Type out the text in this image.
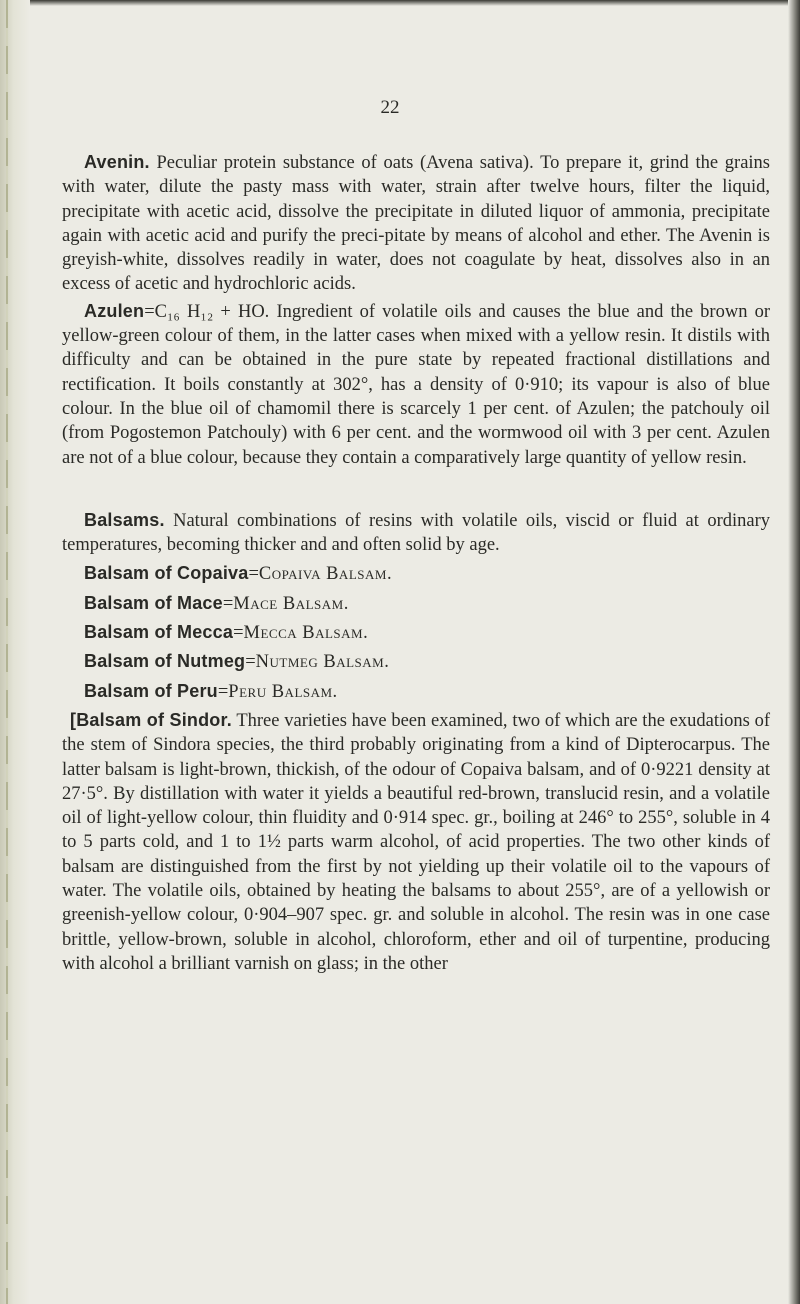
22

Avenin. Peculiar protein substance of oats (Avena sativa). To prepare it, grind the grains with water, dilute the pasty mass with water, strain after twelve hours, filter the liquid, precipitate with acetic acid, dissolve the precipitate in diluted liquor of ammonia, precipitate again with acetic acid and purify the preci-pitate by means of alcohol and ether. The Avenin is greyish-white, dissolves readily in water, does not coagulate by heat, dissolves also in an excess of acetic and hydrochloric acids.

Azulen=C₁₆ H₁₂ + HO. Ingredient of volatile oils and causes the blue and the brown or yellow-green colour of them, in the latter cases when mixed with a yellow resin. It distils with difficulty and can be obtained in the pure state by repeated fractional distillations and rectification. It boils constantly at 302°, has a density of 0·910; its vapour is also of blue colour. In the blue oil of chamomil there is scarcely 1 per cent. of Azulen; the patchouly oil (from Pogostemon Patchouly) with 6 per cent. and the wormwood oil with 3 per cent. Azulen are not of a blue colour, because they contain a comparatively large quantity of yellow resin.

Balsams. Natural combinations of resins with volatile oils, viscid or fluid at ordinary temperatures, becoming thicker and and often solid by age.

Balsam of Copaiva=Copaiva Balsam.

Balsam of Mace=Mace Balsam.

Balsam of Mecca=Mecca Balsam.

Balsam of Nutmeg=Nutmeg Balsam.

Balsam of Peru=Peru Balsam.

[Balsam of Sindor. Three varieties have been examined, two of which are the exudations of the stem of Sindora species, the third probably originating from a kind of Dipterocarpus. The latter balsam is light-brown, thickish, of the odour of Copaiva balsam, and of 0·9221 density at 27·5°. By distillation with water it yields a beautiful red-brown, translucid resin, and a volatile oil of light-yellow colour, thin fluidity and 0·914 spec. gr., boiling at 246° to 255°, soluble in 4 to 5 parts cold, and 1 to 1½ parts warm alcohol, of acid properties. The two other kinds of balsam are distinguished from the first by not yielding up their volatile oil to the vapours of water. The volatile oils, obtained by heating the balsams to about 255°, are of a yellowish or greenish-yellow colour, 0·904–907 spec. gr. and soluble in alcohol. The resin was in one case brittle, yellow-brown, soluble in alcohol, chloroform, ether and oil of turpentine, producing with alcohol a brilliant varnish on glass; in the other
